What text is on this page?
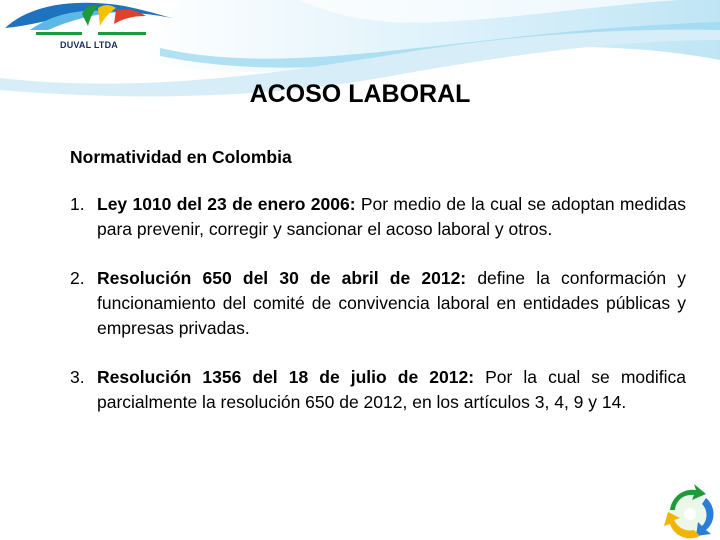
DUVAL LTDA
ACOSO LABORAL

Normatividad en Colombia

1. Ley 1010 del 23 de enero 2006: Por medio de la cual se adoptan medidas para prevenir, corregir y sancionar el acoso laboral y otros.
2. Resolución 650 del 30 de abril de 2012: define la conformación y funcionamiento del comité de convivencia laboral en entidades públicas y empresas privadas.
3. Resolución 1356 del 18 de julio de 2012: Por la cual se modifica parcialmente la resolución 650 de 2012, en los artículos 3, 4, 9 y 14.
